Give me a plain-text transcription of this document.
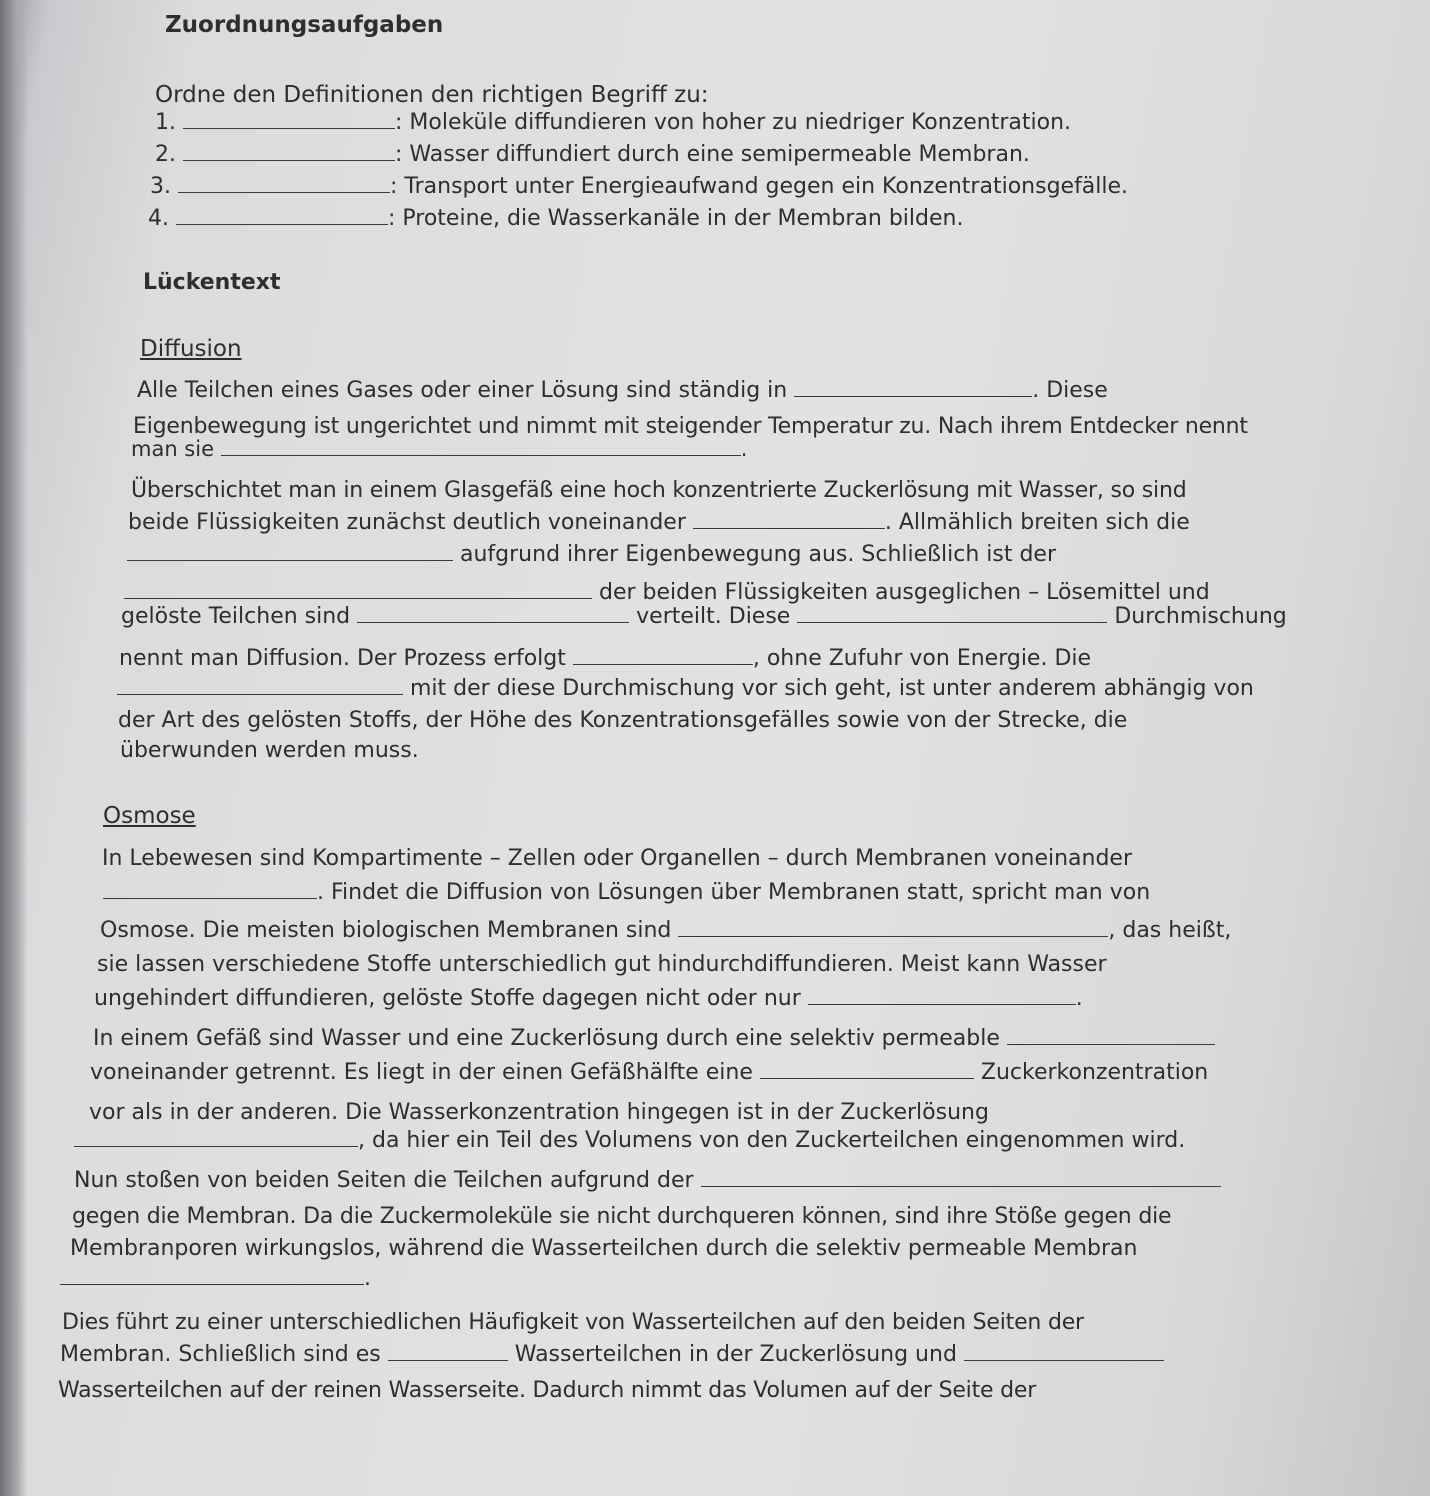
Zuordnungsaufgaben
Ordne den Definitionen den richtigen Begriff zu:
1.	: Moleküle diffundieren von hoher zu niedriger Konzentration.
2.	: Wasser diffundiert durch eine semipermeable Membran.
3.	: Transport unter Energieaufwand gegen ein Konzentrationsgefälle.
4.	: Proteine, die Wasserkanäle in der Membran bilden.
Lückentext
Diffusion
Alle Teilchen eines Gases oder einer Lösung sind ständig in	. Diese
Eigenbewegung ist ungerichtet und nimmt mit steigender Temperatur zu. Nach ihrem Entdecker nennt
man sie	.
Überschichtet man in einem Glasgefäß eine hoch konzentrierte Zuckerlösung mit Wasser, so sind
beide Flüssigkeiten zunächst deutlich voneinander	. Allmählich breiten sich die
aufgrund ihrer Eigenbewegung aus. Schließlich ist der
der beiden Flüssigkeiten ausgeglichen – Lösemittel und
gelöste Teilchen sind	verteilt. Diese	Durchmischung
nennt man Diffusion. Der Prozess erfolgt	, ohne Zufuhr von Energie. Die
mit der diese Durchmischung vor sich geht, ist unter anderem abhängig von
der Art des gelösten Stoffs, der Höhe des Konzentrationsgefälles sowie von der Strecke, die
überwunden werden muss.
Osmose
In Lebewesen sind Kompartimente – Zellen oder Organellen – durch Membranen voneinander
. Findet die Diffusion von Lösungen über Membranen statt, spricht man von
Osmose. Die meisten biologischen Membranen sind	, das heißt,
sie lassen verschiedene Stoffe unterschiedlich gut hindurchdiffundieren. Meist kann Wasser
ungehindert diffundieren, gelöste Stoffe dagegen nicht oder nur	.
In einem Gefäß sind Wasser und eine Zuckerlösung durch eine selektiv permeable
voneinander getrennt. Es liegt in der einen Gefäßhälfte eine	Zuckerkonzentration
vor als in der anderen. Die Wasserkonzentration hingegen ist in der Zuckerlösung
, da hier ein Teil des Volumens von den Zuckerteilchen eingenommen wird.
Nun stoßen von beiden Seiten die Teilchen aufgrund der
gegen die Membran. Da die Zuckermoleküle sie nicht durchqueren können, sind ihre Stöße gegen die
Membranporen wirkungslos, während die Wasserteilchen durch die selektiv permeable Membran
.
Dies führt zu einer unterschiedlichen Häufigkeit von Wasserteilchen auf den beiden Seiten der
Membran. Schließlich sind es	Wasserteilchen in der Zuckerlösung und
Wasserteilchen auf der reinen Wasserseite. Dadurch nimmt das Volumen auf der Seite der
